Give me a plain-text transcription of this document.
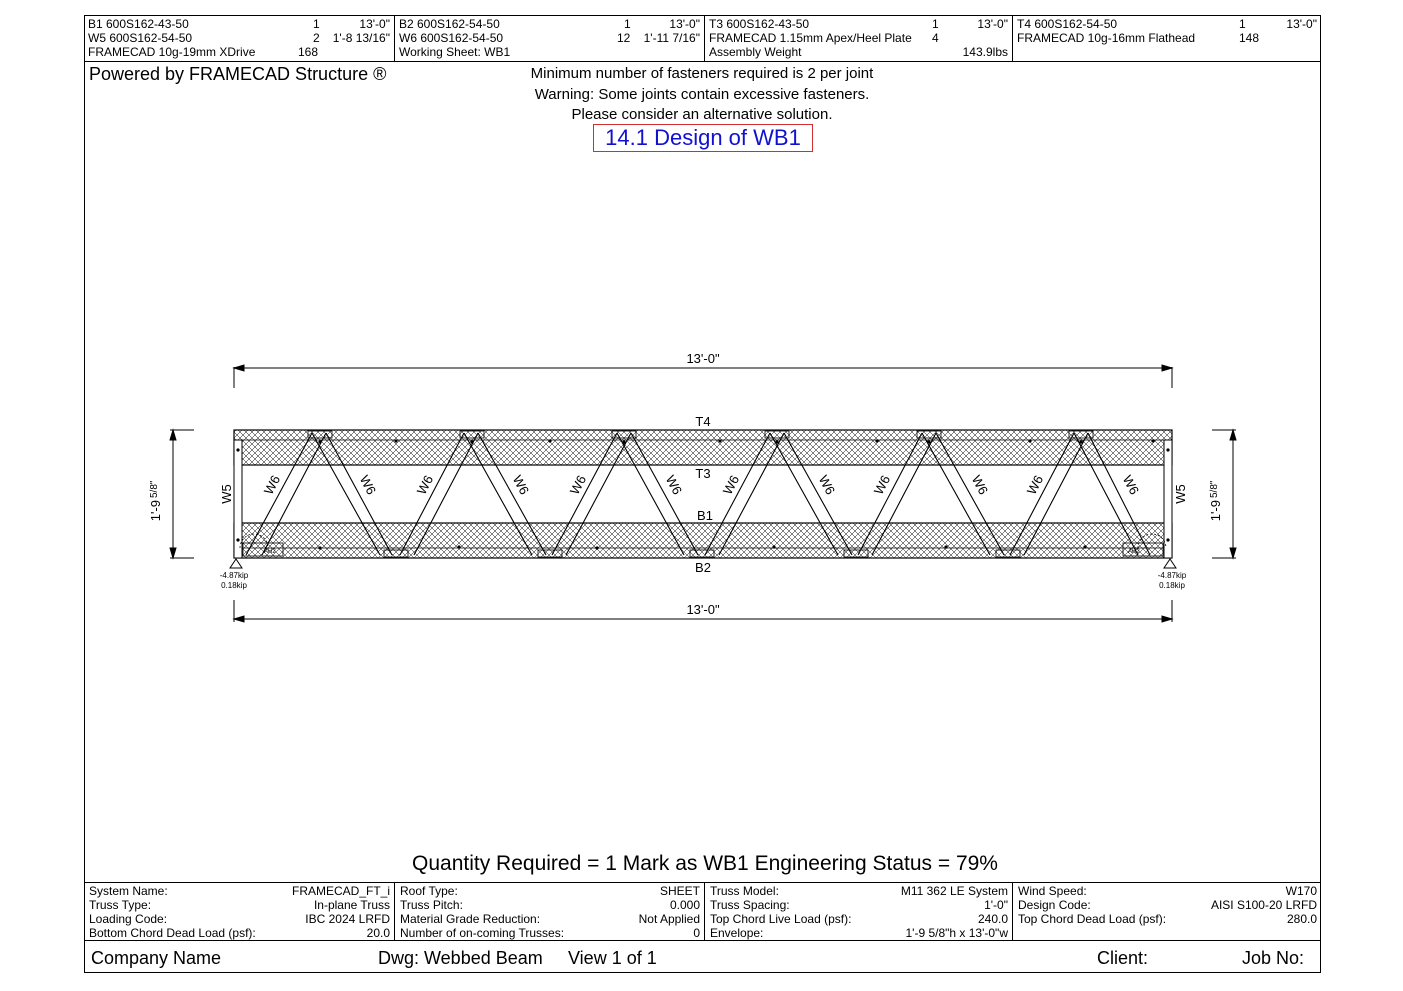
B1 600S162-43-50	1	13'-0"
W5 600S162-54-50	2 1'-8 13/16"
FRAMECAD 10g-19mm XDrive	168
B2 600S162-54-50	1	13'-0"
W6 600S162-54-50	12 1'-11 7/16"
Working Sheet: WB1
T3 600S162-43-50	1	13'-0"
FRAMECAD 1.15mm Apex/Heel Plate 4
Assembly Weight	143.9lbs
T4 600S162-54-50	1	13'-0"
FRAMECAD 10g-16mm Flathead	148
Powered by FRAMECAD Structure ®	Minimum number of fasteners required is 2 per joint
Warning: Some joints contain excessive fasteners.
Please consider an alternative solution.
14.1 Design of WB1
13'-0"
13'-0"
1'-9
5/8"
1'-9
5/8"
AH2	AH2
-4.87kip
0.18kip
-4.87kip
0.18kip
T4
T3
B1
B2
W5	W5
W6	W6	W6	W6	W6	W6	W6	W6	W6	W6	W6	W6
Quantity Required = 1 Mark as WB1 Engineering Status = 79%
System Name:	FRAMECAD_FT_i
Truss Type:	In-plane Truss
Loading Code:	IBC 2024 LRFD
Bottom Chord Dead Load (psf):	20.0
Roof Type:	SHEET
Truss Pitch:	0.000
Material Grade Reduction:	Not Applied
Number of on-coming Trusses:	0
Truss Model:	M11 362 LE System
Truss Spacing:	1'-0"
Top Chord Live Load (psf):	240.0
Envelope:	1'-9 5/8"h x 13'-0"w
Wind Speed:	W170
Design Code:	AISI S100-20 LRFD
Top Chord Dead Load (psf):	280.0
Company Name	Dwg: Webbed Beam View 1 of 1	Client:	Job No:
